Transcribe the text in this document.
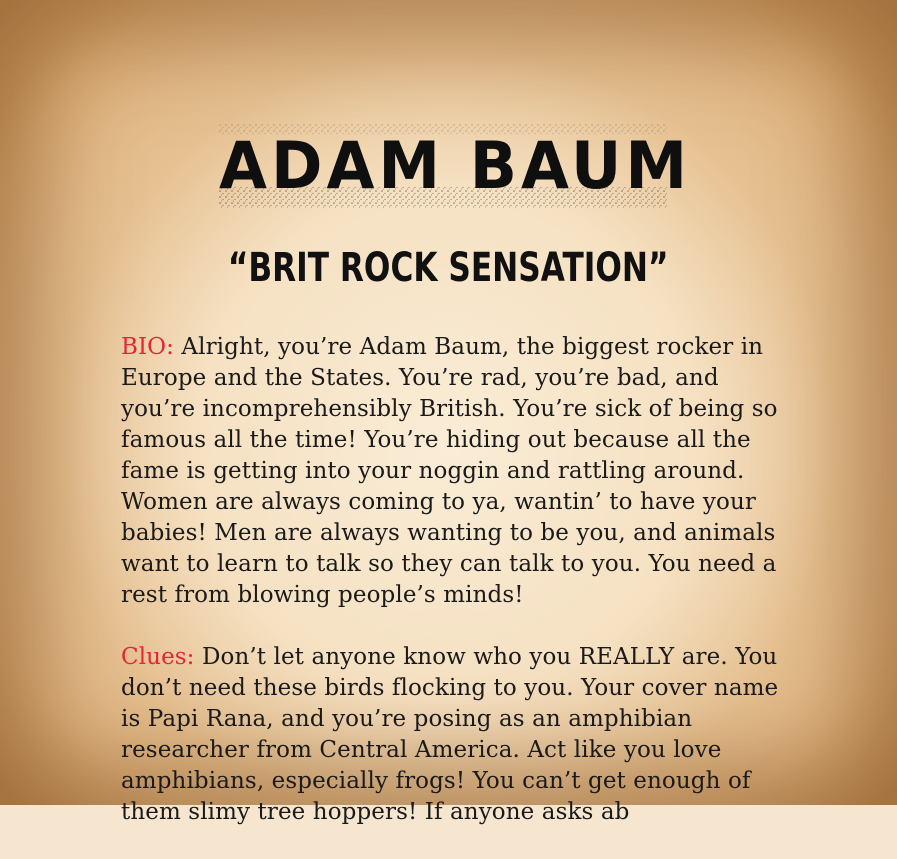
ADAM BAUM
“BRIT ROCK SENSATION”

BIO: Alright, you’re Adam Baum, the biggest rocker in Europe and the States. You’re rad, you’re bad, and you’re incomprehensibly British. You’re sick of being so famous all the time! You’re hiding out because all the fame is getting into your noggin and rattling around. Women are always coming to ya, wantin’ to have your babies! Men are always wanting to be you, and animals want to learn to talk so they can talk to you. You need a rest from blowing people’s minds!

Clues: Don’t let anyone know who you REALLY are. You don’t need these birds flocking to you. Your cover name is Papi Rana, and you’re posing as an amphibian researcher from Central America. Act like you love amphibians, especially frogs! You can’t get enough of them slimy tree hoppers! If anyone asks ab
